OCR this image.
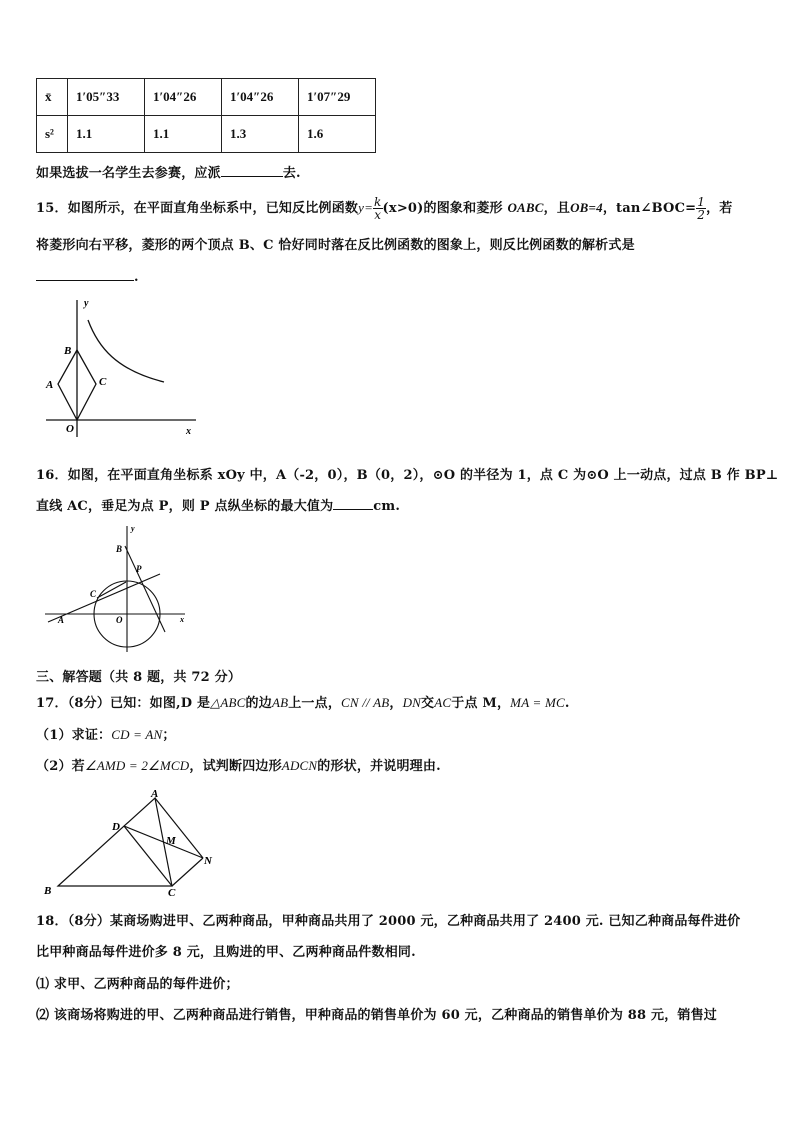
x̄	1′05″33	1′04″26	1′04″26	1′07″29
s²	1.1	1.1	1.3	1.6
如果选拔一名学生去参赛，应派	去.
15．如图所示，在平面直角坐标系中，已知反比例函数$y= \frac{k}{x} (x>0)$的图象和菱形 OABC，且OB=4，tan∠BOC= $\frac{1}{2}$ ，若
将菱形向右平移，菱形的两个顶点 B、C 恰好同时落在反比例函数的图象上，则反比例函数的解析式是
.
y
x
B
A	C
O
16．如图，在平面直角坐标系 xOy 中，A（-2，0），B（0，2），⊙O 的半径为 1，点 C 为⊙O 上一动点，过点 B 作 BP⊥
直线 AC，垂足为点 P，则 P 点纵坐标的最大值为	cm.
y
x
B
P
C
A	O
三、解答题（共 8 题，共 72 分）
17．（8分）已知：如图,D 是△ABC的边AB上一点，CN // AB，DN交AC于点 M，MA = MC.
（1）求证：CD = AN；
（2）若∠AMD = 2∠MCD，试判断四边形ADCN的形状，并说明理由.
A
D
M
N
B	C
18．（8分）某商场购进甲、乙两种商品，甲种商品共用了 2000 元，乙种商品共用了 2400 元. 已知乙种商品每件进价
比甲种商品每件进价多 8 元，且购进的甲、乙两种商品件数相同.
⑴ 求甲、乙两种商品的每件进价；
⑵ 该商场将购进的甲、乙两种商品进行销售，甲种商品的销售单价为 60 元，乙种商品的销售单价为 88 元，销售过
